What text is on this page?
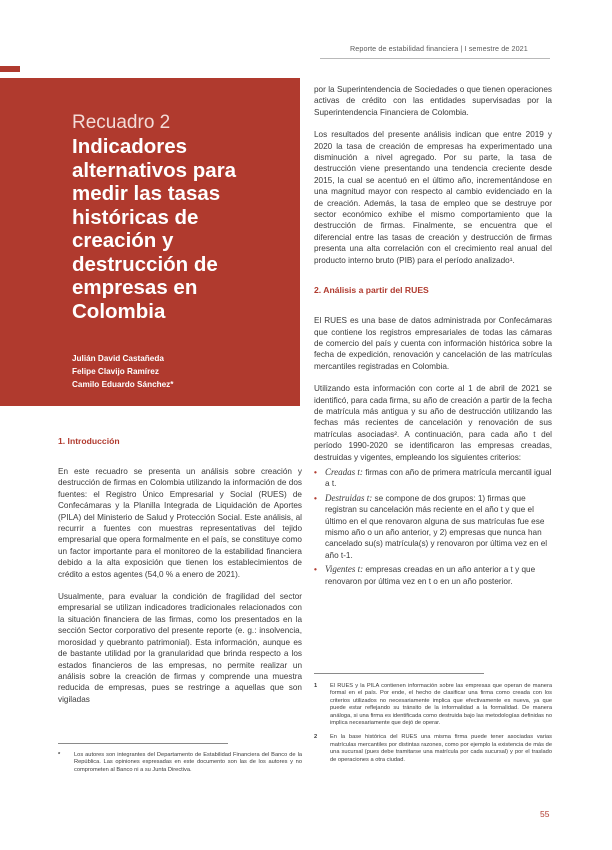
Reporte de estabilidad financiera | I semestre de 2021
Recuadro 2
Indicadores alternativos para medir las tasas históricas de creación y destrucción de empresas en Colombia
Julián David Castañeda
Felipe Clavijo Ramírez
Camilo Eduardo Sánchez*
1. Introducción

En este recuadro se presenta un análisis sobre creación y destrucción de firmas en Colombia utilizando la información de dos fuentes: el Registro Único Empresarial y Social (RUES) de Confecámaras y la Planilla Integrada de Liquidación de Aportes (PILA) del Ministerio de Salud y Protección Social. Este análisis, al recurrir a fuentes con muestras representativas del tejido empresarial que opera formalmente en el país, se constituye como un factor importante para el monitoreo de la estabilidad financiera debido a la alta exposición que tienen los establecimientos de crédito a estos agentes (54,0 % a enero de 2021).

Usualmente, para evaluar la condición de fragilidad del sector empresarial se utilizan indicadores tradicionales relacionados con la situación financiera de las firmas, como los presentados en la sección Sector corporativo del presente reporte (e. g.: insolvencia, morosidad y quebranto patrimonial). Esta información, aunque es de bastante utilidad por la granularidad que brinda respecto a los estados financieros de las empresas, no permite realizar un análisis sobre la creación de firmas y comprende una muestra reducida de empresas, pues se restringe a aquellas que son vigiladas

*	Los autores son integrantes del Departamento de Estabilidad Financiera del Banco de la República. Las opiniones expresadas en este documento son las de los autores y no comprometen al Banco ni a su Junta Directiva.

por la Superintendencia de Sociedades o que tienen operaciones activas de crédito con las entidades supervisadas por la Superintendencia Financiera de Colombia.

Los resultados del presente análisis indican que entre 2019 y 2020 la tasa de creación de empresas ha experimentado una disminución a nivel agregado. Por su parte, la tasa de destrucción viene presentando una tendencia creciente desde 2015, la cual se acentuó en el último año, incrementándose en una magnitud mayor con respecto al cambio evidenciado en la de creación. Además, la tasa de empleo que se destruye por sector económico exhibe el mismo comportamiento que la destrucción de firmas. Finalmente, se encuentra que el diferencial entre las tasas de creación y destrucción de firmas presenta una alta correlación con el crecimiento real anual del producto interno bruto (PIB) para el período analizado¹.

2. Análisis a partir del RUES

El RUES es una base de datos administrada por Confecámaras que contiene los registros empresariales de todas las cámaras de comercio del país y cuenta con información histórica sobre la fecha de expedición, renovación y cancelación de las matrículas mercantiles registradas en Colombia.

Utilizando esta información con corte al 1 de abril de 2021 se identificó, para cada firma, su año de creación a partir de la fecha de matrícula más antigua y su año de destrucción utilizando las fechas más recientes de cancelación y renovación de sus matrículas asociadas². A continuación, para cada año t del período 1990-2020 se identificaron las empresas creadas, destruidas y vigentes, empleando los siguientes criterios:

• Creadas t: firmas con año de primera matrícula mercantil igual a t.
• Destruidas t: se compone de dos grupos: 1) firmas que registran su cancelación más reciente en el año t y que el último en el que renovaron alguna de sus matrículas fue ese mismo año o un año anterior, y 2) empresas que nunca han cancelado su(s) matrícula(s) y renovaron por última vez en el año t-1.
• Vigentes t: empresas creadas en un año anterior a t y que renovaron por última vez en t o en un año posterior.
1	El RUES y la PILA contienen información sobre las empresas que operan de manera formal en el país. Por ende, el hecho de clasificar una firma como creada con los criterios utilizados no necesariamente implica que efectivamente es nueva, ya que puede estar reflejando su tránsito de la informalidad a la formalidad. De manera análoga, si una firma es identificada como destruida bajo las metodologías definidas no implica necesariamente que dejó de operar.
2	En la base histórica del RUES una misma firma puede tener asociadas varias matrículas mercantiles por distintas razones, como por ejemplo la existencia de más de una sucursal (pues debe tramitarse una matrícula por cada sucursal) y por el traslado de operaciones a otra ciudad.
55
